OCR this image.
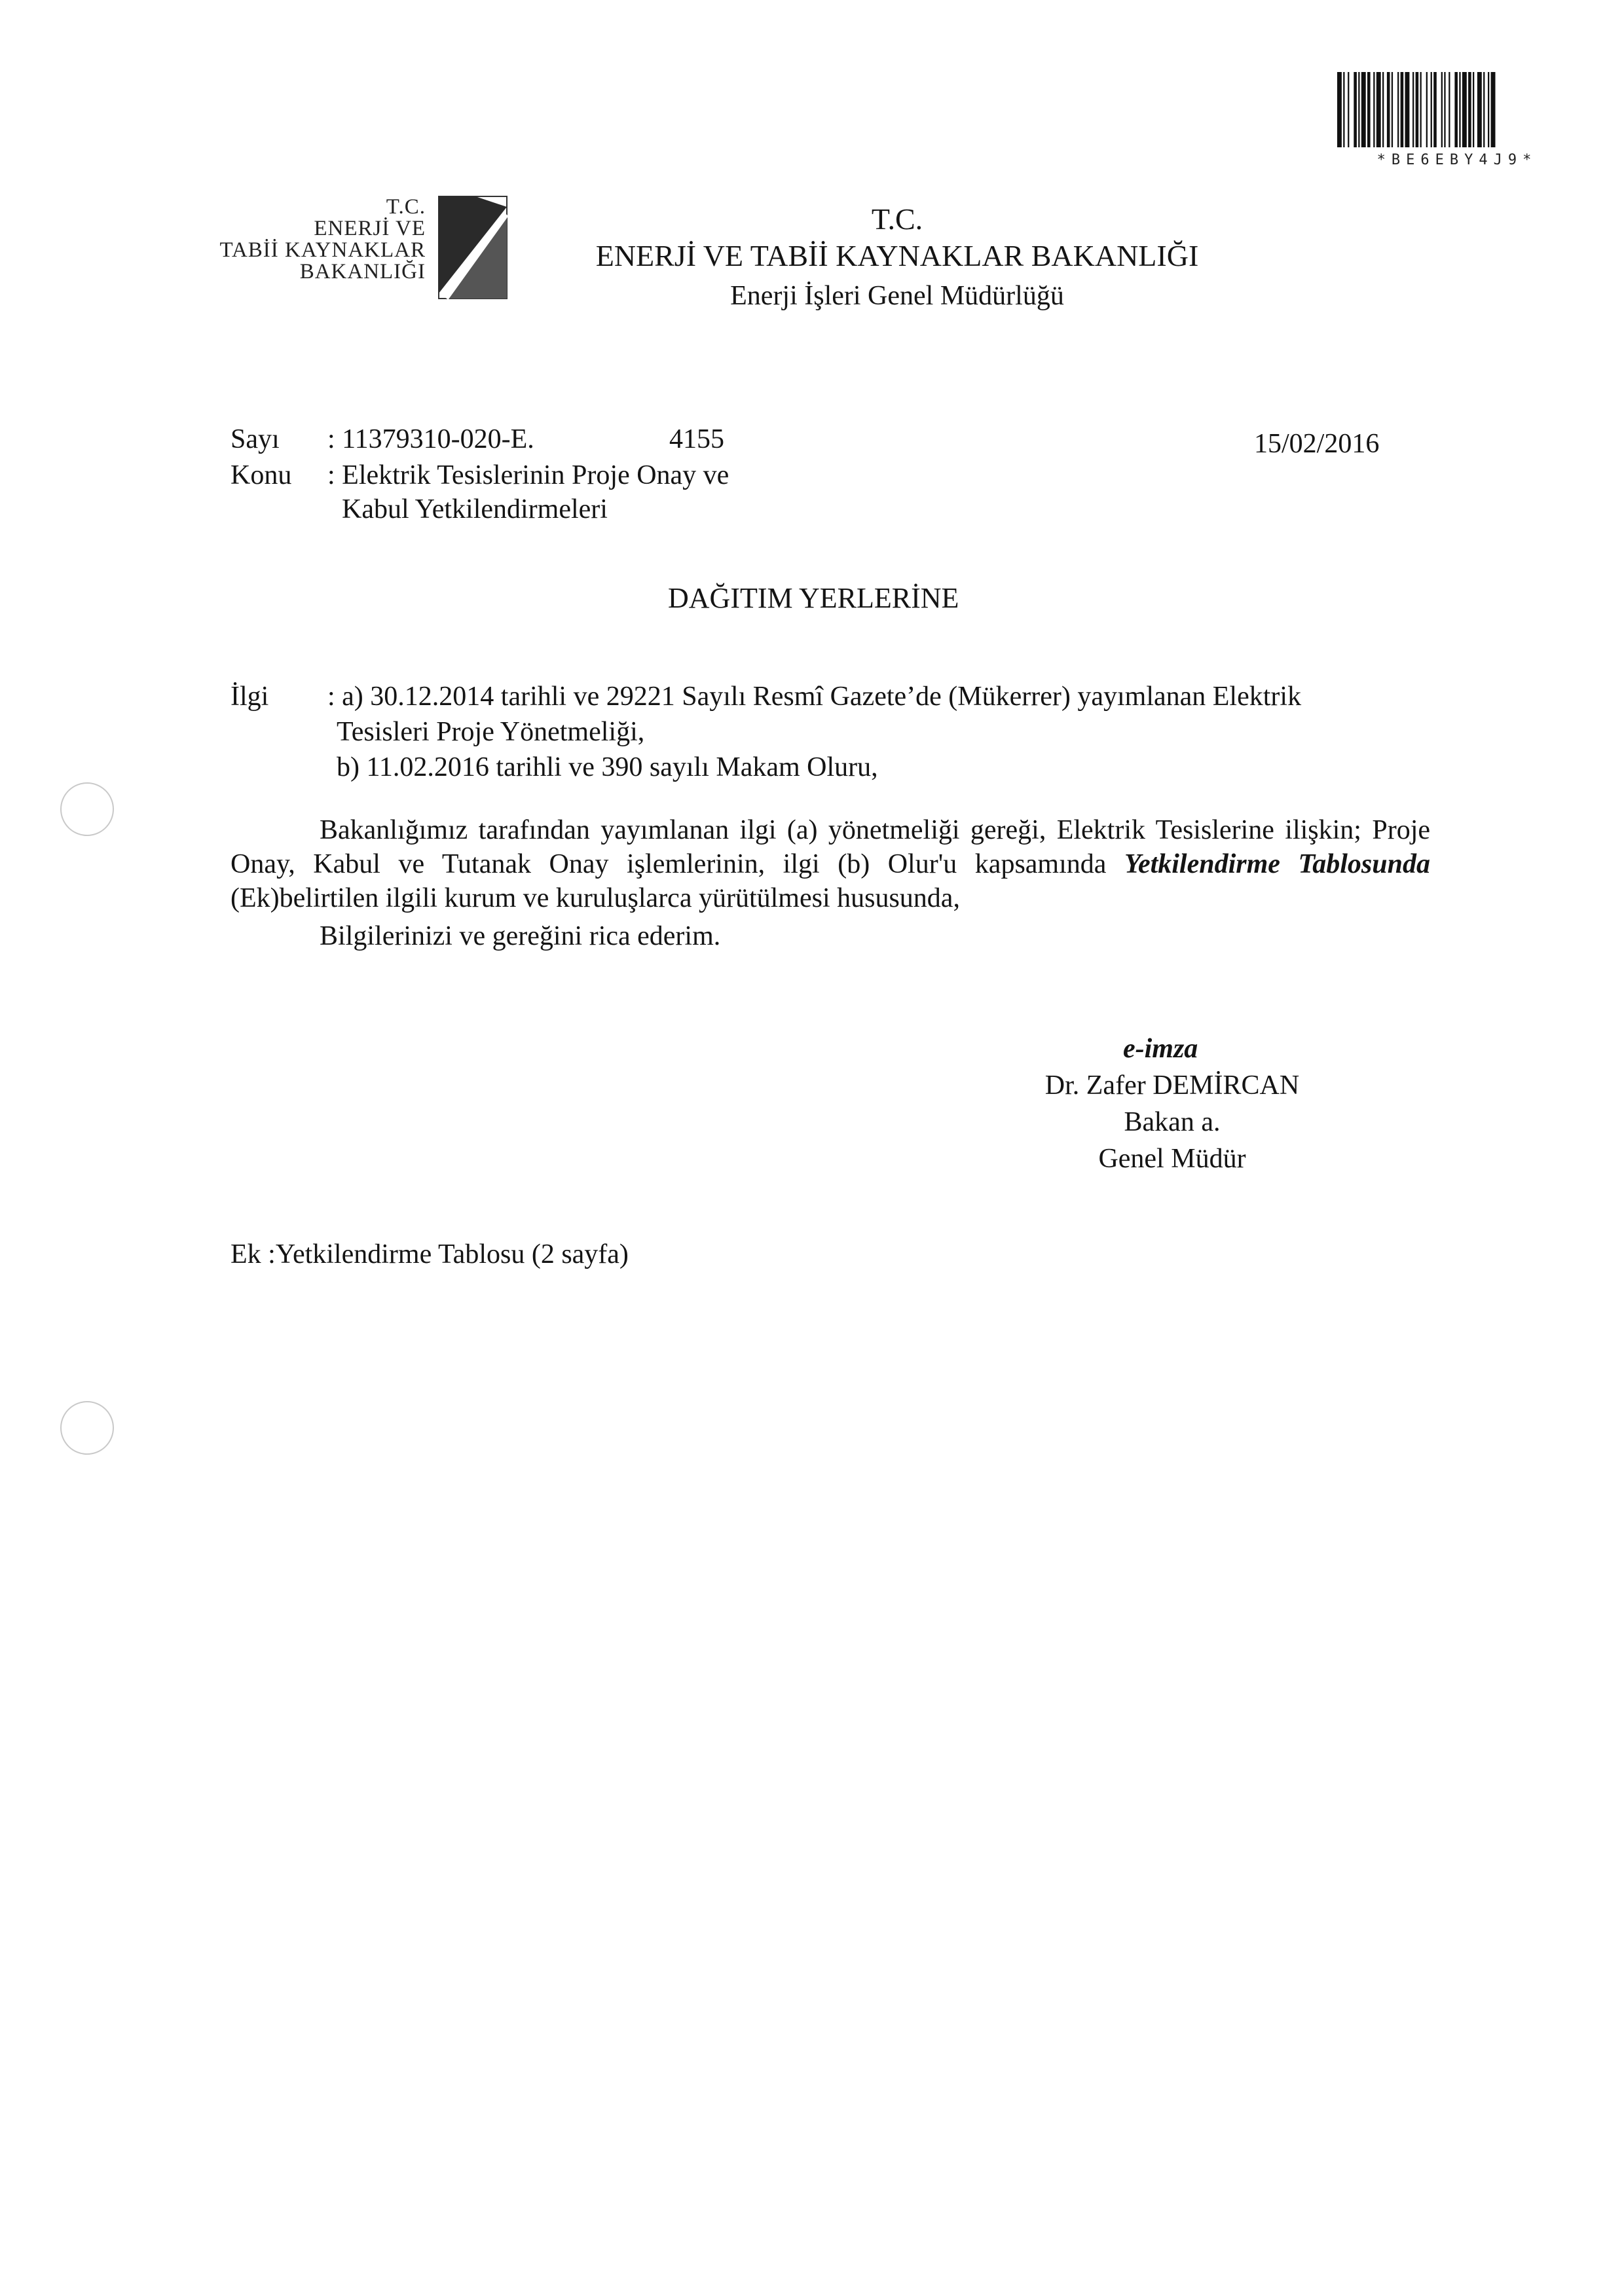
*BE6EBY4J9*
T.C.
ENERJİ VE
TABİİ KAYNAKLAR
BAKANLIĞI
T.C.
ENERJİ VE TABİİ KAYNAKLAR BAKANLIĞI
Enerji İşleri Genel Müdürlüğü
Sayı : 11379310-020-E.	4155	15/02/2016
Konu : Elektrik Tesislerinin Proje Onay ve
Kabul Yetkilendirmeleri
DAĞITIM YERLERİNE
İlgi : a) 30.12.2014 tarihli ve 29221 Sayılı Resmî Gazete’de (Mükerrer) yayımlanan Elektrik
Tesisleri Proje Yönetmeliği,
b) 11.02.2016 tarihli ve 390 sayılı Makam Oluru,
Bakanlığımız tarafından yayımlanan ilgi (a) yönetmeliği gereği, Elektrik Tesislerine ilişkin; Proje Onay, Kabul ve Tutanak Onay işlemlerinin, ilgi (b) Olur'u kapsamında Yetkilendirme Tablosunda (Ek)belirtilen ilgili kurum ve kuruluşlarca yürütülmesi hususunda,
Bilgilerinizi ve gereğini rica ederim.
e-imza
Dr. Zafer DEMİRCAN
Bakan a.
Genel Müdür
Ek :Yetkilendirme Tablosu (2 sayfa)
